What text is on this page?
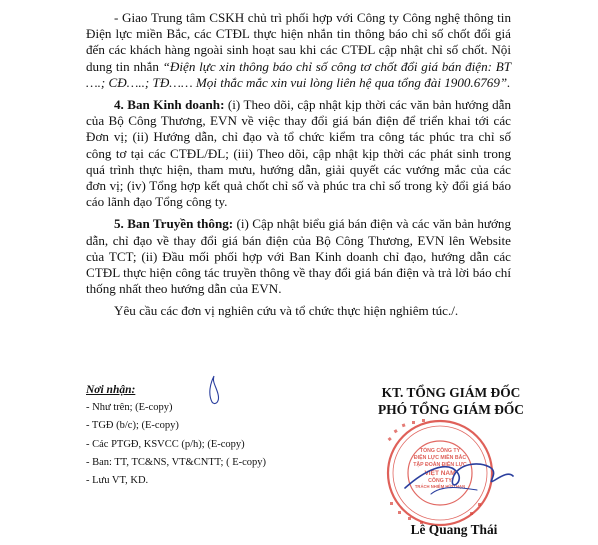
- Giao Trung tâm CSKH chủ trì phối hợp với Công ty Công nghệ thông tin Điện lực miền Bắc, các CTĐL thực hiện nhắn tin thông báo chỉ số chốt đổi giá đến các khách hàng ngoài sinh hoạt sau khi các CTĐL cập nhật chỉ số chốt. Nội dung tin nhắn “Điện lực xin thông báo chỉ số công tơ chốt đổi giá bán điện: BT ….; CĐ…..; TĐ…… Mọi thắc mắc xin vui lòng liên hệ qua tổng đài 1900.6769”.

4. Ban Kinh doanh: (i) Theo dõi, cập nhật kịp thời các văn bản hướng dẫn của Bộ Công Thương, EVN về việc thay đổi giá bán điện để triển khai tới các Đơn vị; (ii) Hướng dẫn, chỉ đạo và tổ chức kiểm tra công tác phúc tra chỉ số công tơ tại các CTĐL/ĐL; (iii) Theo dõi, cập nhật kịp thời các phát sinh trong quá trình thực hiện, tham mưu, hướng dẫn, giải quyết các vướng mắc của các đơn vị; (iv) Tổng hợp kết quả chốt chỉ số và phúc tra chỉ số trong kỳ đổi giá báo cáo lãnh đạo Tổng công ty.

5. Ban Truyền thông: (i) Cập nhật biểu giá bán điện và các văn bản hướng dẫn, chỉ đạo về thay đổi giá bán điện của Bộ Công Thương, EVN lên Website của TCT; (ii) Đầu mối phối hợp với Ban Kinh doanh chỉ đạo, hướng dẫn các CTĐL thực hiện công tác truyền thông về thay đổi giá bán điện và trả lời báo chí thống nhất theo hướng dẫn của EVN.

Yêu cầu các đơn vị nghiên cứu và tổ chức thực hiện nghiêm túc./.

Nơi nhận:
- Như trên; (E-copy)
- TGĐ (b/c); (E-copy)
- Các PTGĐ, KSVCC (p/h); (E-copy)
- Ban: TT, TC&NS, VT&CNTT; ( E-copy)
- Lưu VT, KD.
KT. TỔNG GIÁM ĐỐC
PHÓ TỔNG GIÁM ĐỐC
TỔNG CÔNG TY
ĐIỆN LỰC MIỀN BẮC
TẬP ĐOÀN ĐIỆN LỰC
VIỆT NAM
CÔNG TY
TRÁCH NHIỆM HỮU HẠN
Lê Quang Thái
